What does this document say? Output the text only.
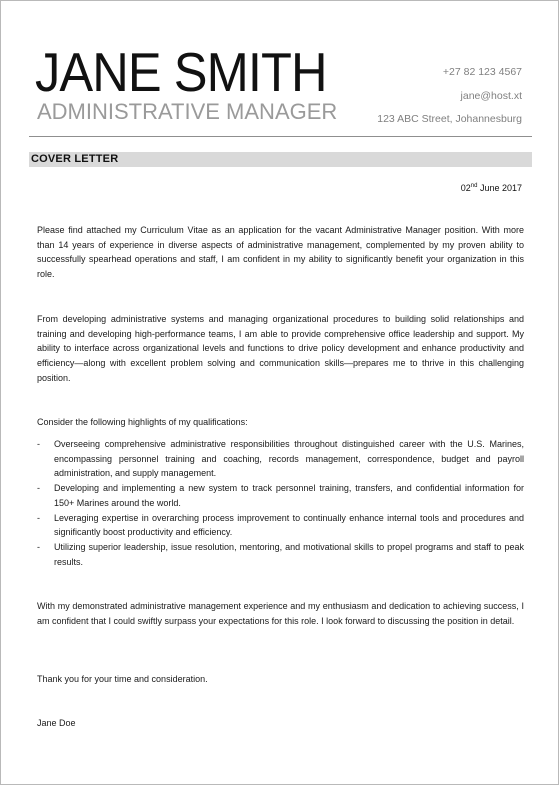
JANE SMITH
ADMINISTRATIVE MANAGER
+27 82 123 4567
jane@host.xt
123 ABC Street, Johannesburg
COVER LETTER
02nd June 2017

Please find attached my Curriculum Vitae as an application for the vacant Administrative Manager position. With more than 14 years of experience in diverse aspects of administrative management, complemented by my proven ability to successfully spearhead operations and staff, I am confident in my ability to significantly benefit your organization in this role.

From developing administrative systems and managing organizational procedures to building solid relationships and training and developing high-performance teams, I am able to provide comprehensive office leadership and support. My ability to interface across organizational levels and functions to drive policy development and enhance productivity and efficiency—along with excellent problem solving and communication skills—prepares me to thrive in this challenging position.

Consider the following highlights of my qualifications:

- Overseeing comprehensive administrative responsibilities throughout distinguished career with the U.S. Marines, encompassing personnel training and coaching, records management, correspondence, budget and payroll administration, and supply management.
- Developing and implementing a new system to track personnel training, transfers, and confidential information for 150+ Marines around the world.
- Leveraging expertise in overarching process improvement to continually enhance internal tools and procedures and significantly boost productivity and efficiency.
- Utilizing superior leadership, issue resolution, mentoring, and motivational skills to propel programs and staff to peak results.

With my demonstrated administrative management experience and my enthusiasm and dedication to achieving success, I am confident that I could swiftly surpass your expectations for this role. I look forward to discussing the position in detail.

Thank you for your time and consideration.

Jane Doe
